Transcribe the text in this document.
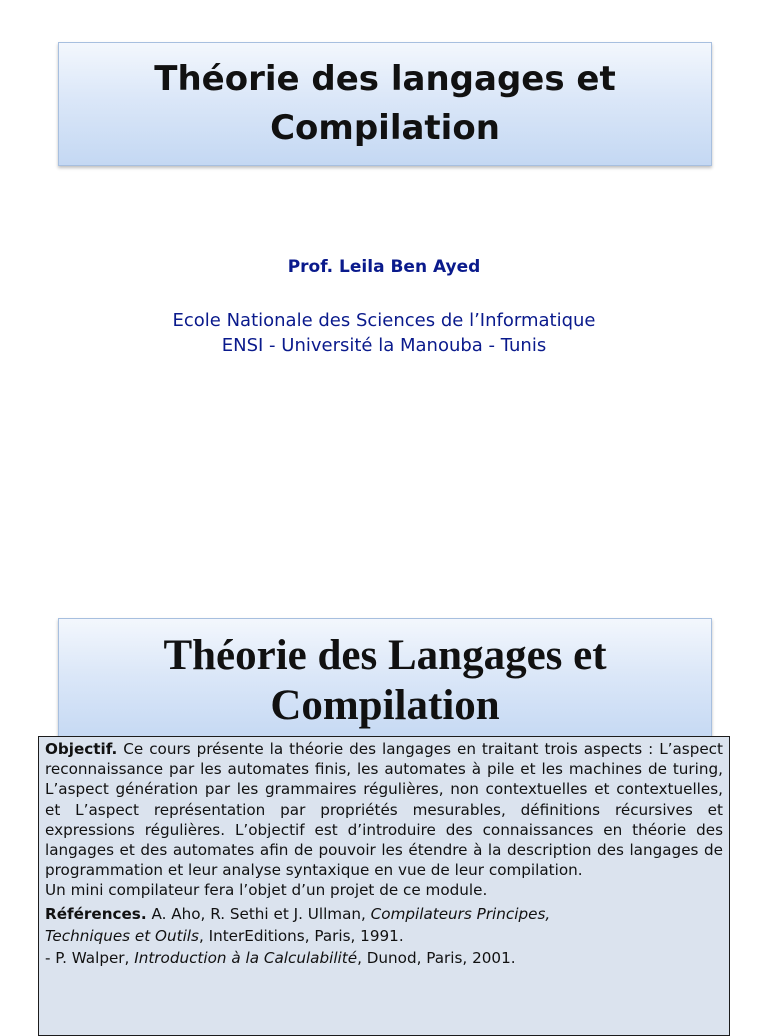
Théorie des langages et
Compilation
Prof. Leila Ben Ayed
Ecole Nationale des Sciences de l’Informatique
ENSI - Université la Manouba - Tunis
Théorie des Langages et
Compilation

Objectif. Ce cours présente la théorie des langages en traitant trois aspects : L’aspect reconnaissance par les automates finis, les automates à pile et les machines de turing, L’aspect génération par les grammaires régulières, non contextuelles et contextuelles, et L’aspect représentation par propriétés mesurables, définitions récursives et expressions régulières. L’objectif est d’introduire des connaissances en théorie des langages et des automates afin de pouvoir les étendre à la description des langages de programmation et leur analyse syntaxique en vue de leur compilation.

Un mini compilateur fera l’objet d’un projet de ce module.

Références. A. Aho, R. Sethi et J. Ullman, Compilateurs Principes,

Techniques et Outils, InterEditions, Paris, 1991.

- P. Walper, Introduction à la Calculabilité, Dunod, Paris, 2001.
